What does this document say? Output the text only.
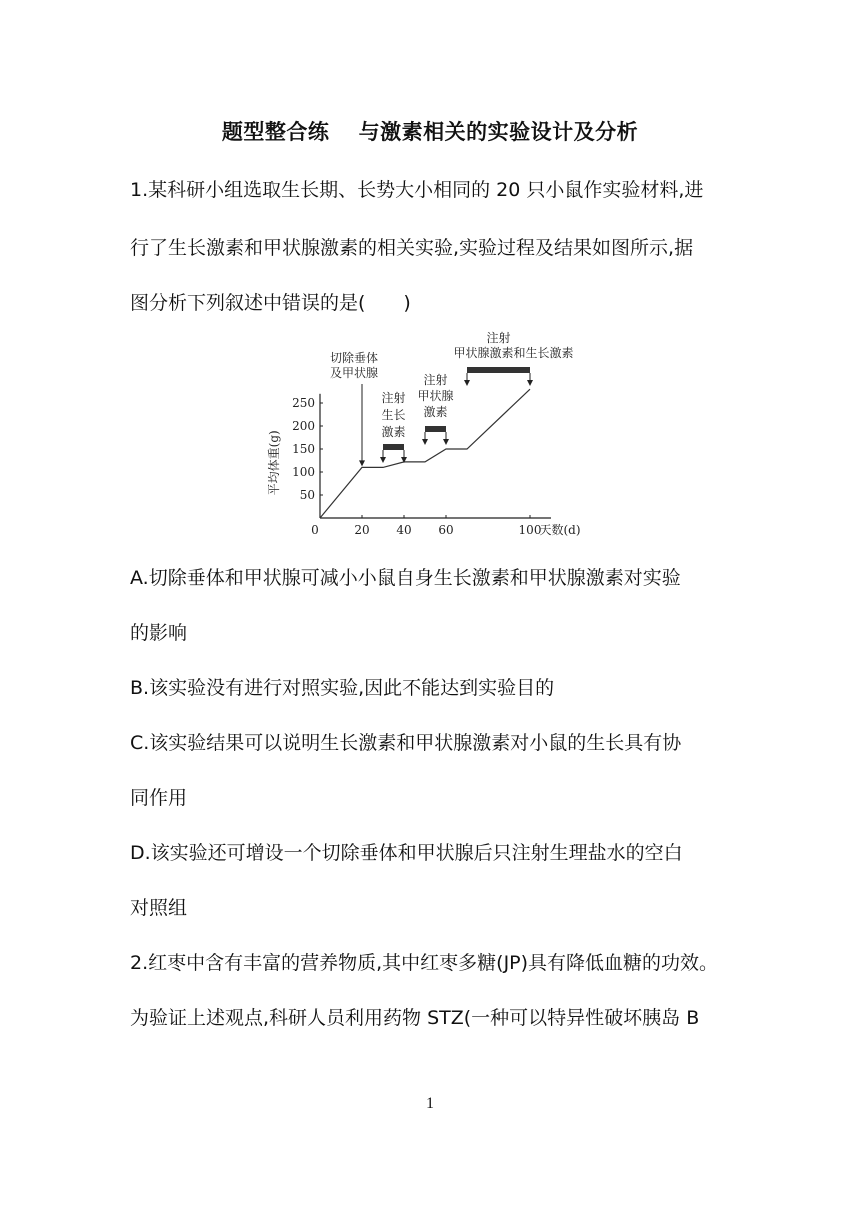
题型整合练　 与激素相关的实验设计及分析
1.某科研小组选取生长期、长势大小相同的 20 只小鼠作实验材料,进
行了生长激素和甲状腺激素的相关实验,实验过程及结果如图所示,据
图分析下列叙述中错误的是(  )
0	20 40 60	100
天数(d)
50
100
150
200
250
平均体重(g)
切除垂体
及甲状腺
注射
生长
激素
注射
甲状腺
激素
注射
甲状腺激素和生长激素
A.切除垂体和甲状腺可减小小鼠自身生长激素和甲状腺激素对实验
的影响
B.该实验没有进行对照实验,因此不能达到实验目的
C.该实验结果可以说明生长激素和甲状腺激素对小鼠的生长具有协
同作用
D.该实验还可增设一个切除垂体和甲状腺后只注射生理盐水的空白
对照组
2.红枣中含有丰富的营养物质,其中红枣多糖(JP)具有降低血糖的功效。
为验证上述观点,科研人员利用药物 STZ(一种可以特异性破坏胰岛 B
1
